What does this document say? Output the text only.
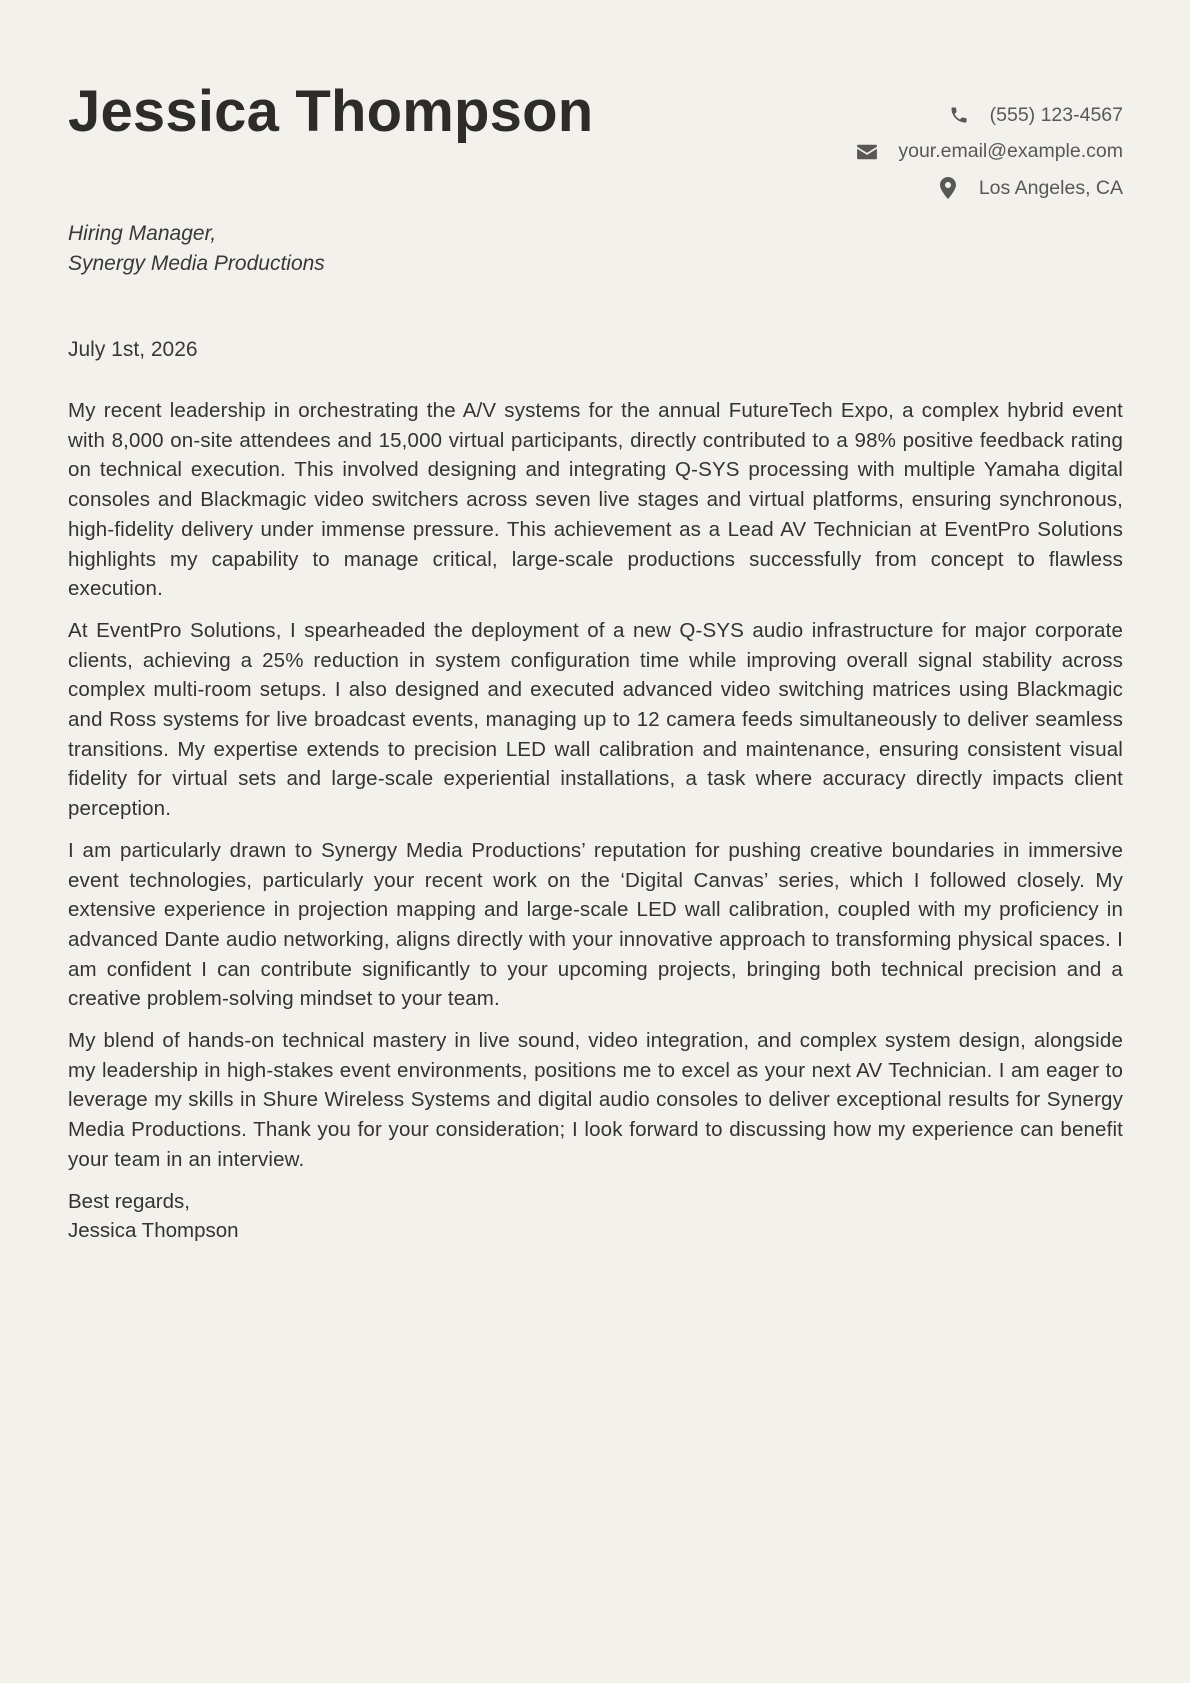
Jessica Thompson	(555) 123-4567
your.email@example.com
Los Angeles, CA
Hiring Manager,
Synergy Media Productions
July 1st, 2026

My recent leadership in orchestrating the A/V systems for the annual FutureTech Expo, a complex hybrid event with 8,000 on-site attendees and 15,000 virtual participants, directly contributed to a 98% positive feedback rating on technical execution. This involved designing and integrating Q-SYS processing with multiple Yamaha digital consoles and Blackmagic video switchers across seven live stages and virtual platforms, ensuring synchronous, high-fidelity delivery under immense pressure. This achievement as a Lead AV Technician at EventPro Solutions highlights my capability to manage critical, large-scale productions successfully from concept to flawless execution.

At EventPro Solutions, I spearheaded the deployment of a new Q-SYS audio infrastructure for major corporate clients, achieving a 25% reduction in system configuration time while improving overall signal stability across complex multi-room setups. I also designed and executed advanced video switching matrices using Blackmagic and Ross systems for live broadcast events, managing up to 12 camera feeds simultaneously to deliver seamless transitions. My expertise extends to precision LED wall calibration and maintenance, ensuring consistent visual fidelity for virtual sets and large-scale experiential installations, a task where accuracy directly impacts client perception.

I am particularly drawn to Synergy Media Productions’ reputation for pushing creative boundaries in immersive event technologies, particularly your recent work on the ‘Digital Canvas’ series, which I followed closely. My extensive experience in projection mapping and large-scale LED wall calibration, coupled with my proficiency in advanced Dante audio networking, aligns directly with your innovative approach to transforming physical spaces. I am confident I can contribute significantly to your upcoming projects, bringing both technical precision and a creative problem-solving mindset to your team.

My blend of hands-on technical mastery in live sound, video integration, and complex system design, alongside my leadership in high-stakes event environments, positions me to excel as your next AV Technician. I am eager to leverage my skills in Shure Wireless Systems and digital audio consoles to deliver exceptional results for Synergy Media Productions. Thank you for your consideration; I look forward to discussing how my experience can benefit your team in an interview.

Best regards,
Jessica Thompson
